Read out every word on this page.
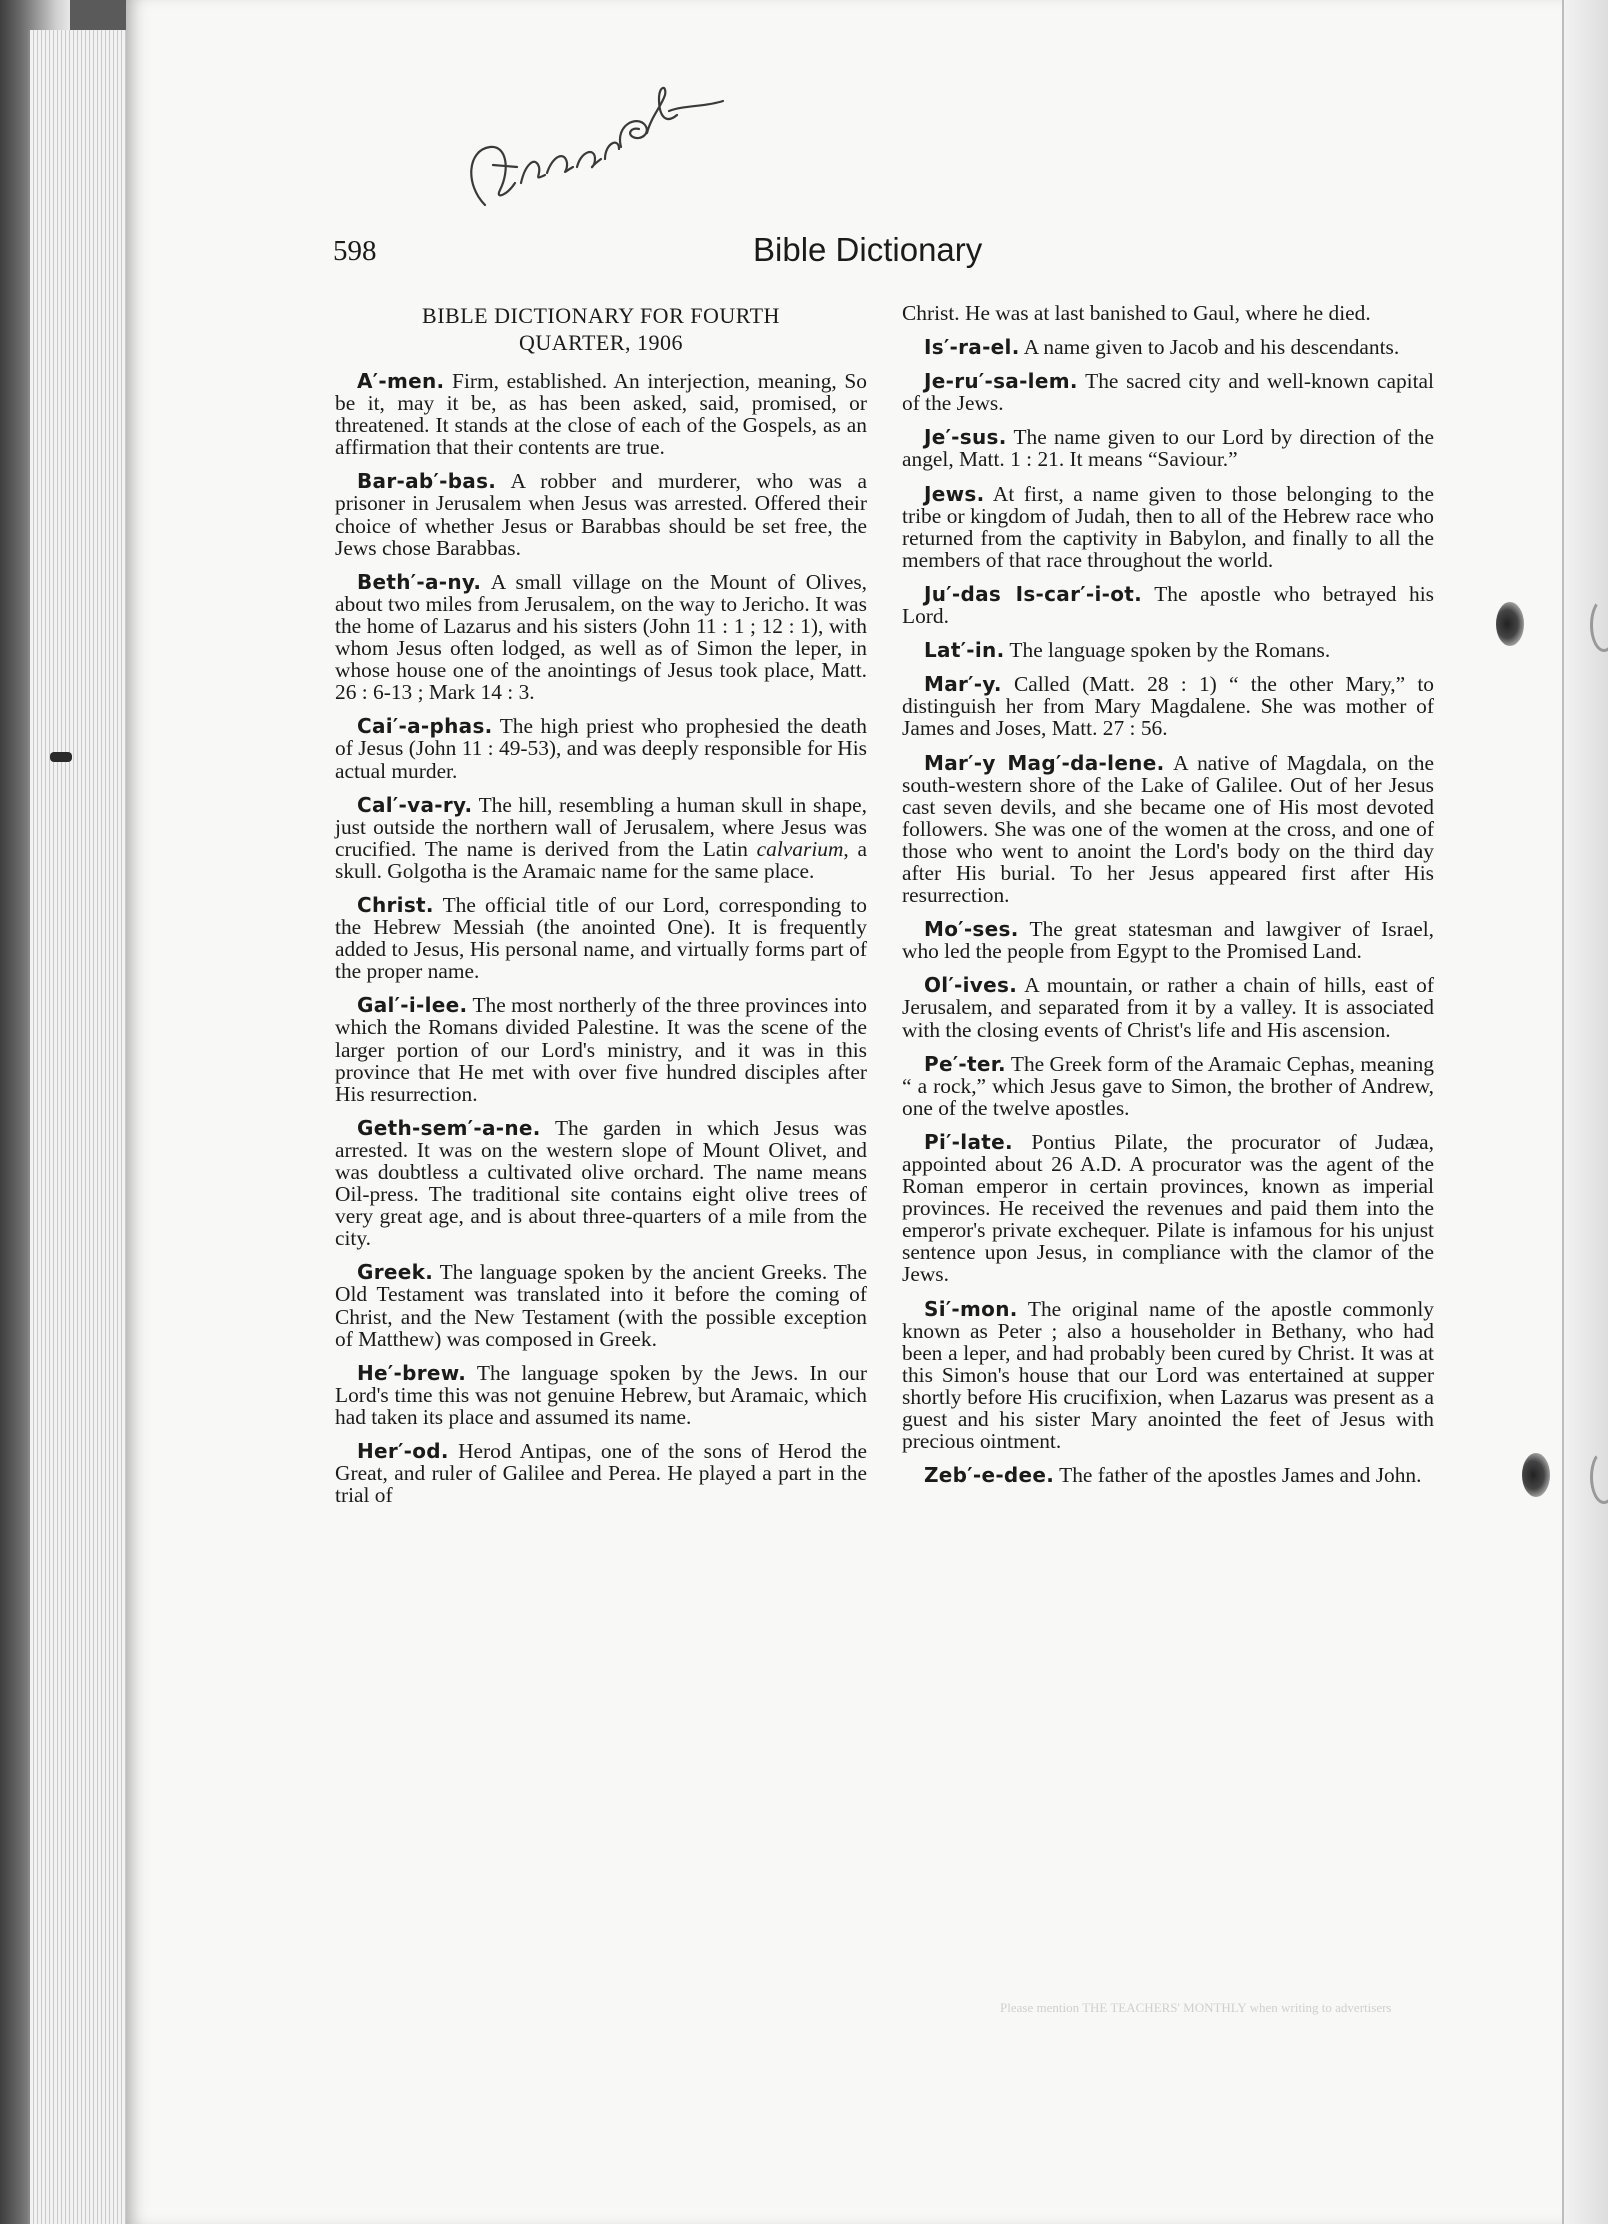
598	Bible Dictionary
BIBLE DICTIONARY FOR FOURTH
QUARTER, 1906

A′-men. Firm, established. An interjection, meaning, So be it, may it be, as has been asked, said, promised, or threatened. It stands at the close of each of the Gospels, as an affirmation that their contents are true.

Bar-ab′-bas. A robber and murderer, who was a prisoner in Jerusalem when Jesus was arrested. Offered their choice of whether Jesus or Barabbas should be set free, the Jews chose Barabbas.

Beth′-a-ny. A small village on the Mount of Olives, about two miles from Jerusalem, on the way to Jericho. It was the home of Lazarus and his sisters (John 11 : 1 ; 12 : 1), with whom Jesus often lodged, as well as of Simon the leper, in whose house one of the anointings of Jesus took place, Matt. 26 : 6-13 ; Mark 14 : 3.

Cai′-a-phas. The high priest who prophesied the death of Jesus (John 11 : 49-53), and was deeply responsible for His actual murder.

Cal′-va-ry. The hill, resembling a human skull in shape, just outside the northern wall of Jerusalem, where Jesus was crucified. The name is derived from the Latin calvarium, a skull. Golgotha is the Aramaic name for the same place.

Christ. The official title of our Lord, corresponding to the Hebrew Messiah (the anointed One). It is frequently added to Jesus, His personal name, and virtually forms part of the proper name.

Gal′-i-lee. The most northerly of the three provinces into which the Romans divided Palestine. It was the scene of the larger portion of our Lord's ministry, and it was in this province that He met with over five hundred disciples after His resurrection.

Geth-sem′-a-ne. The garden in which Jesus was arrested. It was on the western slope of Mount Olivet, and was doubtless a cultivated olive orchard. The name means Oil-press. The traditional site contains eight olive trees of very great age, and is about three-quarters of a mile from the city.

Greek. The language spoken by the ancient Greeks. The Old Testament was translated into it before the coming of Christ, and the New Testament (with the possible exception of Matthew) was composed in Greek.

He′-brew. The language spoken by the Jews. In our Lord's time this was not genuine Hebrew, but Aramaic, which had taken its place and assumed its name.

Her′-od. Herod Antipas, one of the sons of Herod the Great, and ruler of Galilee and Perea. He played a part in the trial of

Christ. He was at last banished to Gaul, where he died.

Is′-ra-el. A name given to Jacob and his descendants.

Je-ru′-sa-lem. The sacred city and well-known capital of the Jews.

Je′-sus. The name given to our Lord by direction of the angel, Matt. 1 : 21. It means “Saviour.”

Jews. At first, a name given to those belonging to the tribe or kingdom of Judah, then to all of the Hebrew race who returned from the captivity in Babylon, and finally to all the members of that race throughout the world.

Ju′-das Is-car′-i-ot. The apostle who betrayed his Lord.

Lat′-in. The language spoken by the Romans.

Mar′-y. Called (Matt. 28 : 1) “ the other Mary,” to distinguish her from Mary Magdalene. She was mother of James and Joses, Matt. 27 : 56.

Mar′-y Mag′-da-lene. A native of Magdala, on the south-western shore of the Lake of Galilee. Out of her Jesus cast seven devils, and she became one of His most devoted followers. She was one of the women at the cross, and one of those who went to anoint the Lord's body on the third day after His burial. To her Jesus appeared first after His resurrection.

Mo′-ses. The great statesman and lawgiver of Israel, who led the people from Egypt to the Promised Land.

Ol′-ives. A mountain, or rather a chain of hills, east of Jerusalem, and separated from it by a valley. It is associated with the closing events of Christ's life and His ascension.

Pe′-ter. The Greek form of the Aramaic Cephas, meaning “ a rock,” which Jesus gave to Simon, the brother of Andrew, one of the twelve apostles.

Pi′-late. Pontius Pilate, the procurator of Judæa, appointed about 26 A.D. A procurator was the agent of the Roman emperor in certain provinces, known as imperial provinces. He received the revenues and paid them into the emperor's private exchequer. Pilate is infamous for his unjust sentence upon Jesus, in compliance with the clamor of the Jews.

Si′-mon. The original name of the apostle commonly known as Peter ; also a householder in Bethany, who had been a leper, and had probably been cured by Christ. It was at this Simon's house that our Lord was entertained at supper shortly before His crucifixion, when Lazarus was present as a guest and his sister Mary anointed the feet of Jesus with precious ointment.

Zeb′-e-dee. The father of the apostles James and John.

Please mention THE TEACHERS' MONTHLY when writing to advertisers
